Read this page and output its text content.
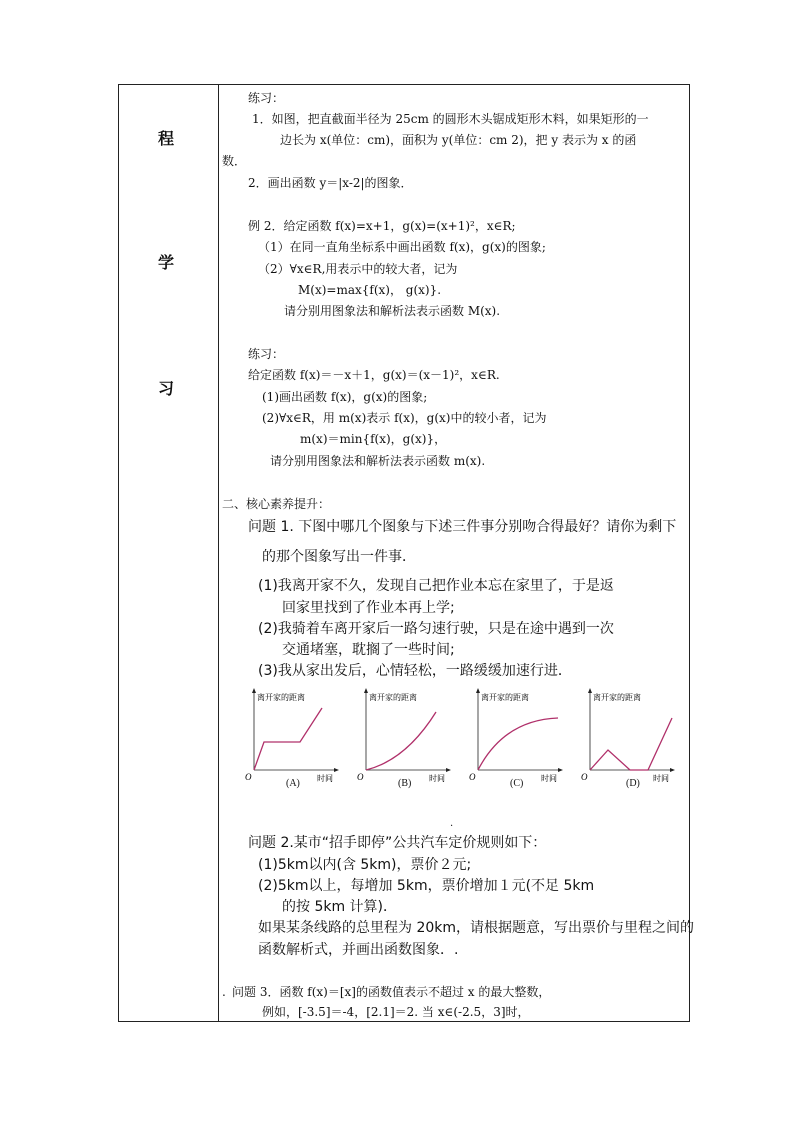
程
学
习
练习：
1．如图，把直截面半径为 25cm 的圆形木头锯成矩形木料，如果矩形的一
边长为 x(单位：cm)，面积为 y(单位：cm 2)，把 y 表示为 x 的函
数．
2．画出函数 y＝|x-2|的图象．
例 2．给定函数 f(x)=x+1，g(x)=(x+1)²，x∈R;
（1）在同一直角坐标系中画出函数 f(x)，g(x)的图象;
（2）∀x∈R,用表示中的较大者，记为
M(x)=max{f(x)， g(x)}.
请分别用图象法和解析法表示函数 M(x).
练习：
给定函数 f(x)＝－x＋1，g(x)＝(x－1)²，x∈R.
(1)画出函数 f(x)，g(x)的图象;
(2)∀x∈R，用 m(x)表示 f(x)，g(x)中的较小者，记为
m(x)＝min{f(x)，g(x)}，
请分别用图象法和解析法表示函数 m(x).
二、核心素养提升：
问题 1. 下图中哪几个图象与下述三件事分别吻合得最好？请你为剩下
的那个图象写出一件事．
(1)我离开家不久，发现自己把作业本忘在家里了，于是返
回家里找到了作业本再上学;
(2)我骑着车离开家后一路匀速行驶，只是在途中遇到一次
交通堵塞，耽搁了一些时间;
(3)我从家出发后，心情轻松，一路缓缓加速行进．
离开家的距离
时间
O
离开家的距离
时间
O
离开家的距离
时间
O
离开家的距离
时间
O
(A)	(B)	(C)	(D)
.
问题 2.某市“招手即停”公共汽车定价规则如下：
(1)5km以内(含 5km)，票价２元;
(2)5km以上，每增加 5km，票价增加１元(不足 5km
的按 5km 计算)．
如果某条线路的总里程为 20km，请根据题意，写出票价与里程之间的
函数解析式，并画出函数图象．.
. 问题 3．函数 f(x)＝[x]的函数值表示不超过 x 的最大整数，
例如，[-3.5]＝-4，[2.1]＝2. 当 x∈(-2.5，3]时，
